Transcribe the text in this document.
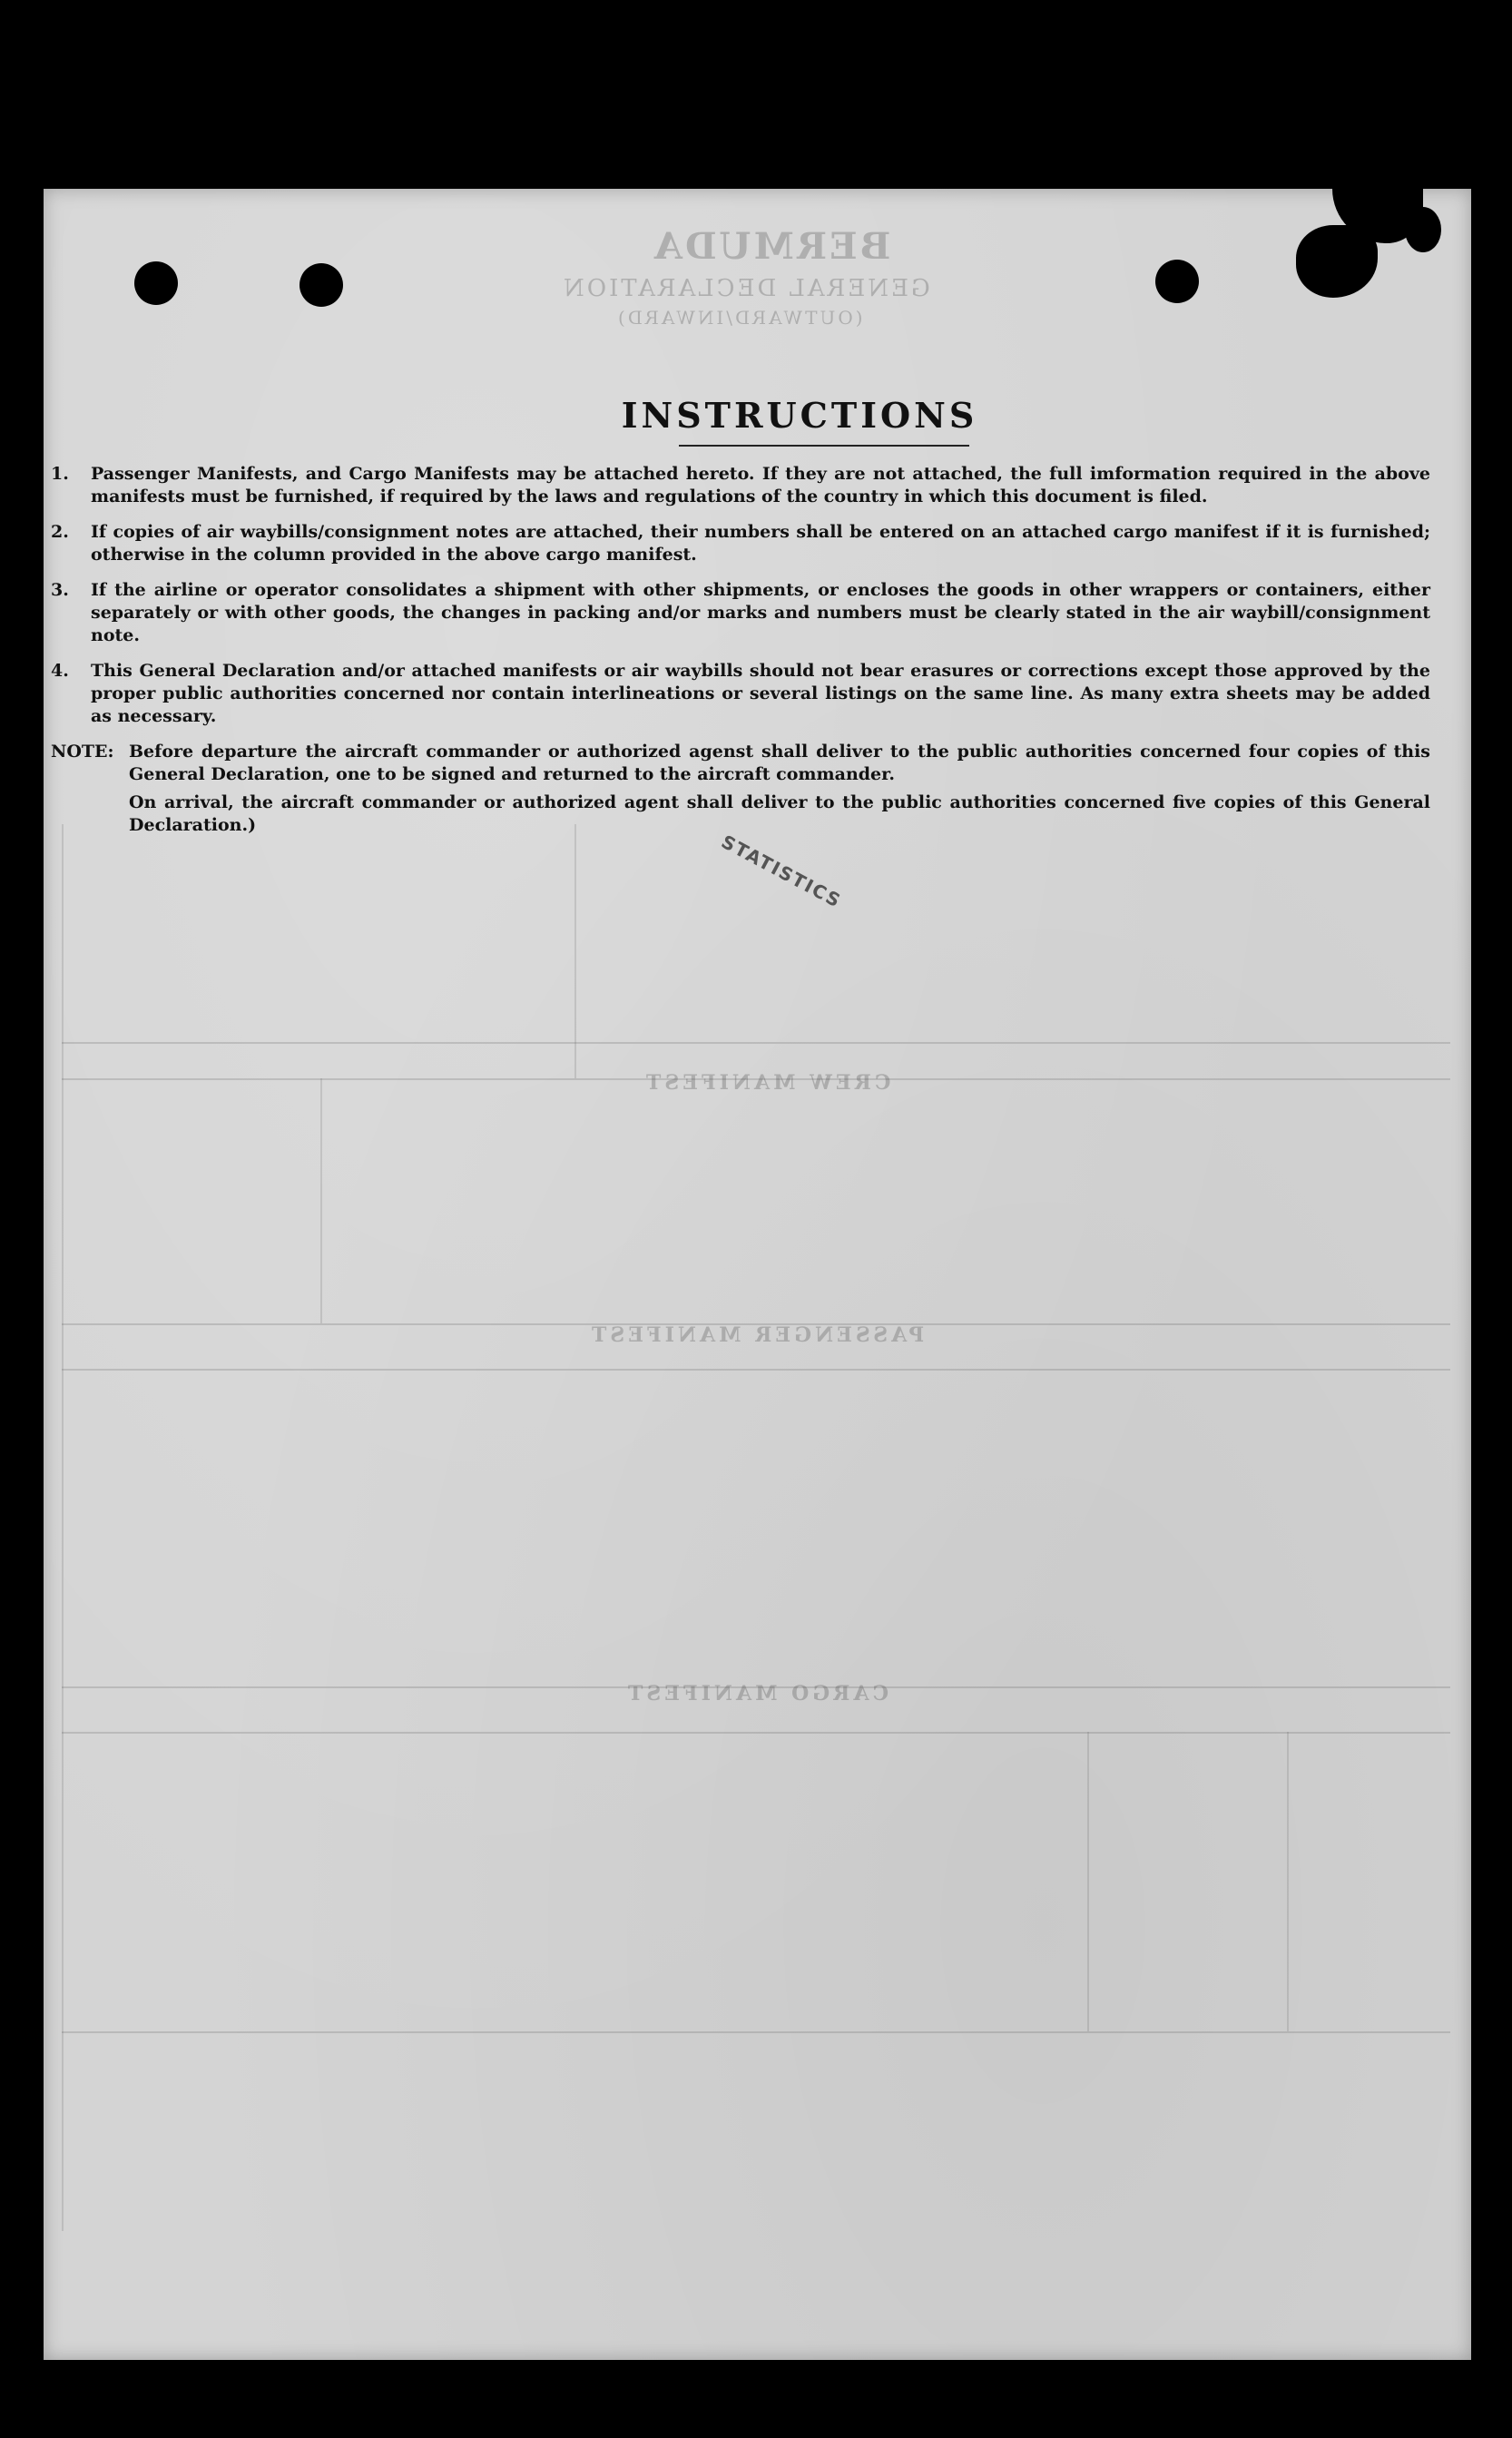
BERMUDA
GENERAL DECLARATION
(OUTWARD/INWARD)
CREW MANIFEST
PASSENGER MANIFEST
CARGO MANIFEST
STATISTICS
INSTRUCTIONS
1.	Passenger Manifests, and Cargo Manifests may be attached hereto. If they are not attached, the full imformation required in the above manifests must be furnished, if required by the laws and regulations of the country in which this document is filed.
2.	If copies of air waybills/consignment notes are attached, their numbers shall be entered on an attached cargo manifest if it is furnished; otherwise in the column provided in the above cargo manifest.
3.	If the airline or operator consolidates a shipment with other shipments, or encloses the goods in other wrappers or containers, either separately or with other goods, the changes in packing and/or marks and numbers must be clearly stated in the air waybill/consignment note.
4.	This General Declaration and/or attached manifests or air waybills should not bear erasures or corrections except those approved by the proper public authorities concerned nor contain interlineations or several listings on the same line. As many extra sheets may be added as necessary.
NOTE: Before departure the aircraft commander or authorized agenst shall deliver to the public authorities concerned four copies of this General Declaration, one to be signed and returned to the aircraft commander.
On arrival, the aircraft commander or authorized agent shall deliver to the public authorities concerned five copies of this General Declaration.)
